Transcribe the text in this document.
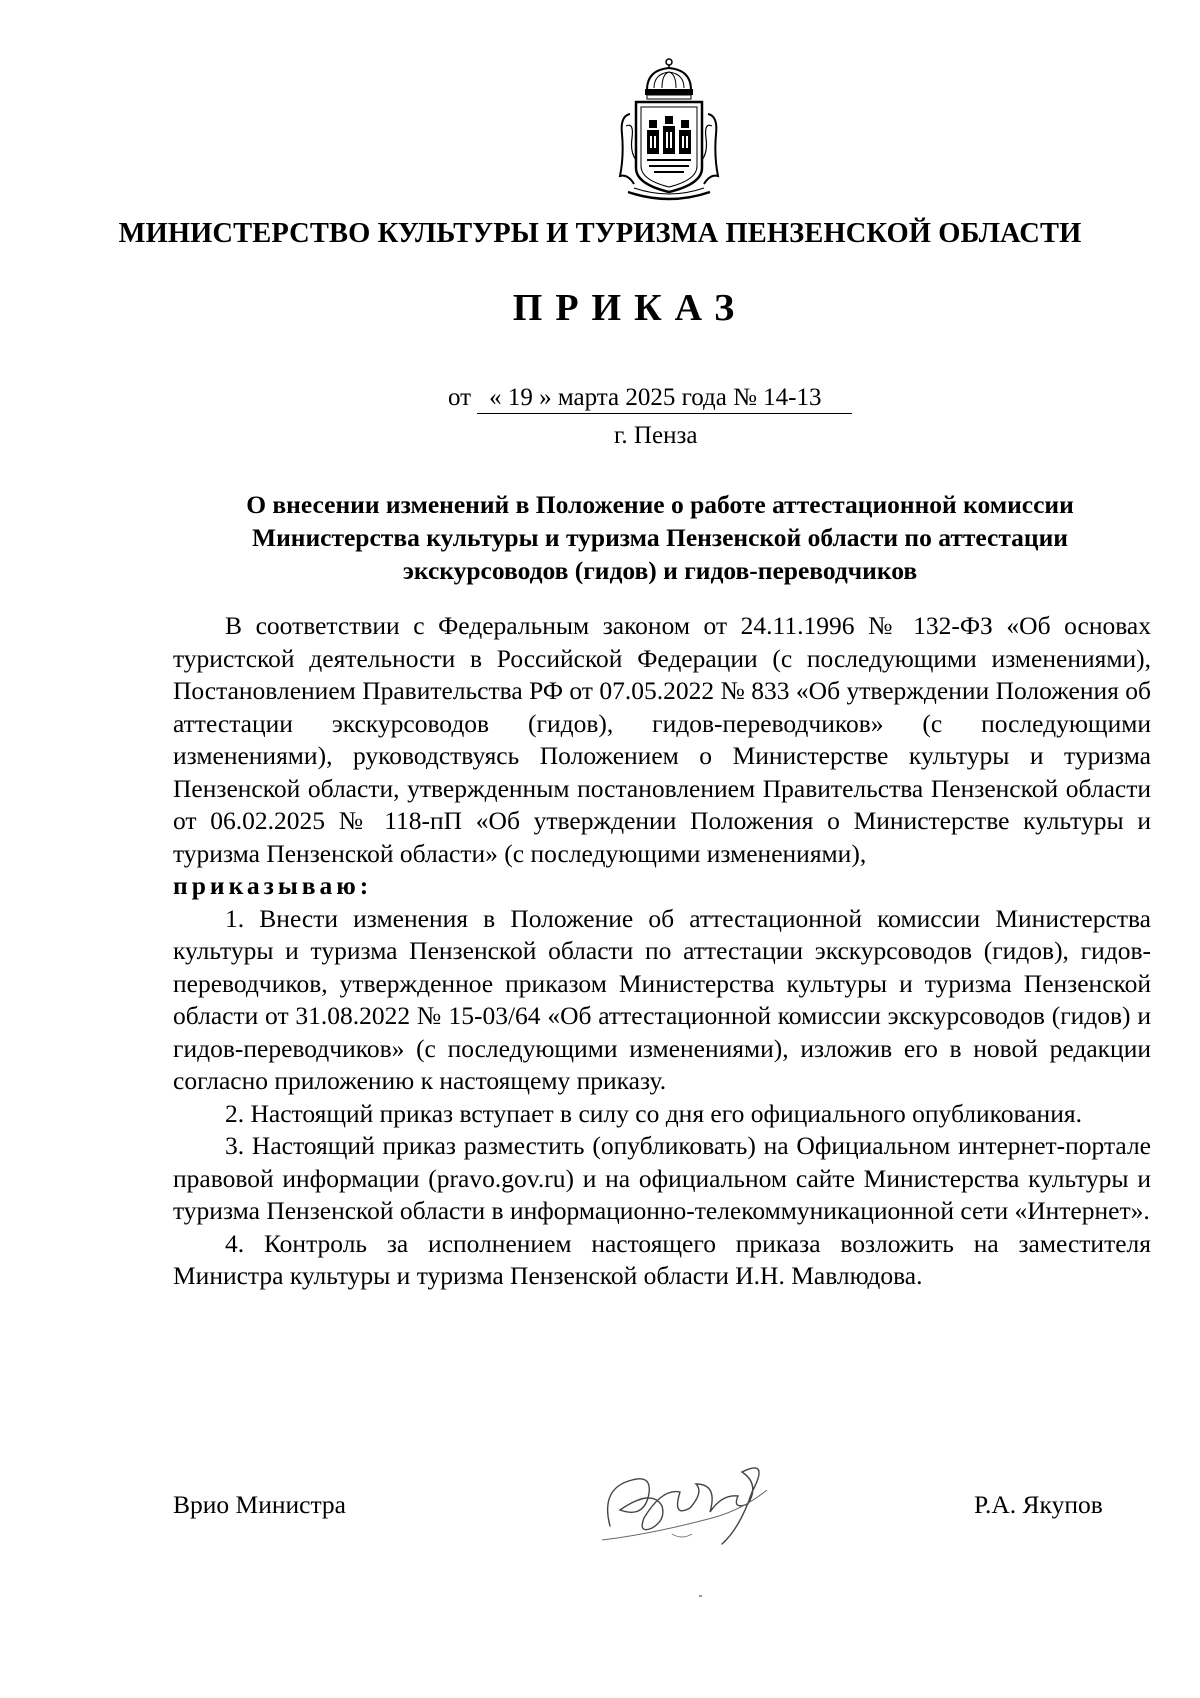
МИНИСТЕРСТВО КУЛЬТУРЫ И ТУРИЗМА ПЕНЗЕНСКОЙ ОБЛАСТИ
ПРИКАЗ
от « 19 » марта 2025 года № 14-13
г. Пенза
О внесении изменений в Положение о работе аттестационной комиссии Министерства культуры и туризма Пензенской области по аттестации экскурсоводов (гидов) и гидов-переводчиков

В соответствии с Федеральным законом от 24.11.1996 № 132-ФЗ «Об основах туристской деятельности в Российской Федерации (с последующими изменениями), Постановлением Правительства РФ от 07.05.2022 № 833 «Об утверждении Положения об аттестации экскурсоводов (гидов), гидов-переводчиков» (с последующими изменениями), руководствуясь Положением о Министерстве культуры и туризма Пензенской области, утвержденным постановлением Правительства Пензенской области от 06.02.2025 № 118-пП «Об утверждении Положения о Министерстве культуры и туризма Пензенской области» (с последующими изменениями),

приказываю:

1. Внести изменения в Положение об аттестационной комиссии Министерства культуры и туризма Пензенской области по аттестации экскурсоводов (гидов), гидов-переводчиков, утвержденное приказом Министерства культуры и туризма Пензенской области от 31.08.2022 № 15-03/64 «Об аттестационной комиссии экскурсоводов (гидов) и гидов-переводчиков» (с последующими изменениями), изложив его в новой редакции согласно приложению к настоящему приказу.

2. Настоящий приказ вступает в силу со дня его официального опубликования.

3. Настоящий приказ разместить (опубликовать) на Официальном интернет-портале правовой информации (pravo.gov.ru) и на официальном сайте Министерства культуры и туризма Пензенской области в информационно-телекоммуникационной сети «Интернет».

4. Контроль за исполнением настоящего приказа возложить на заместителя Министра культуры и туризма Пензенской области И.Н. Мавлюдова.

Врио Министра	Р.А. Якупов
